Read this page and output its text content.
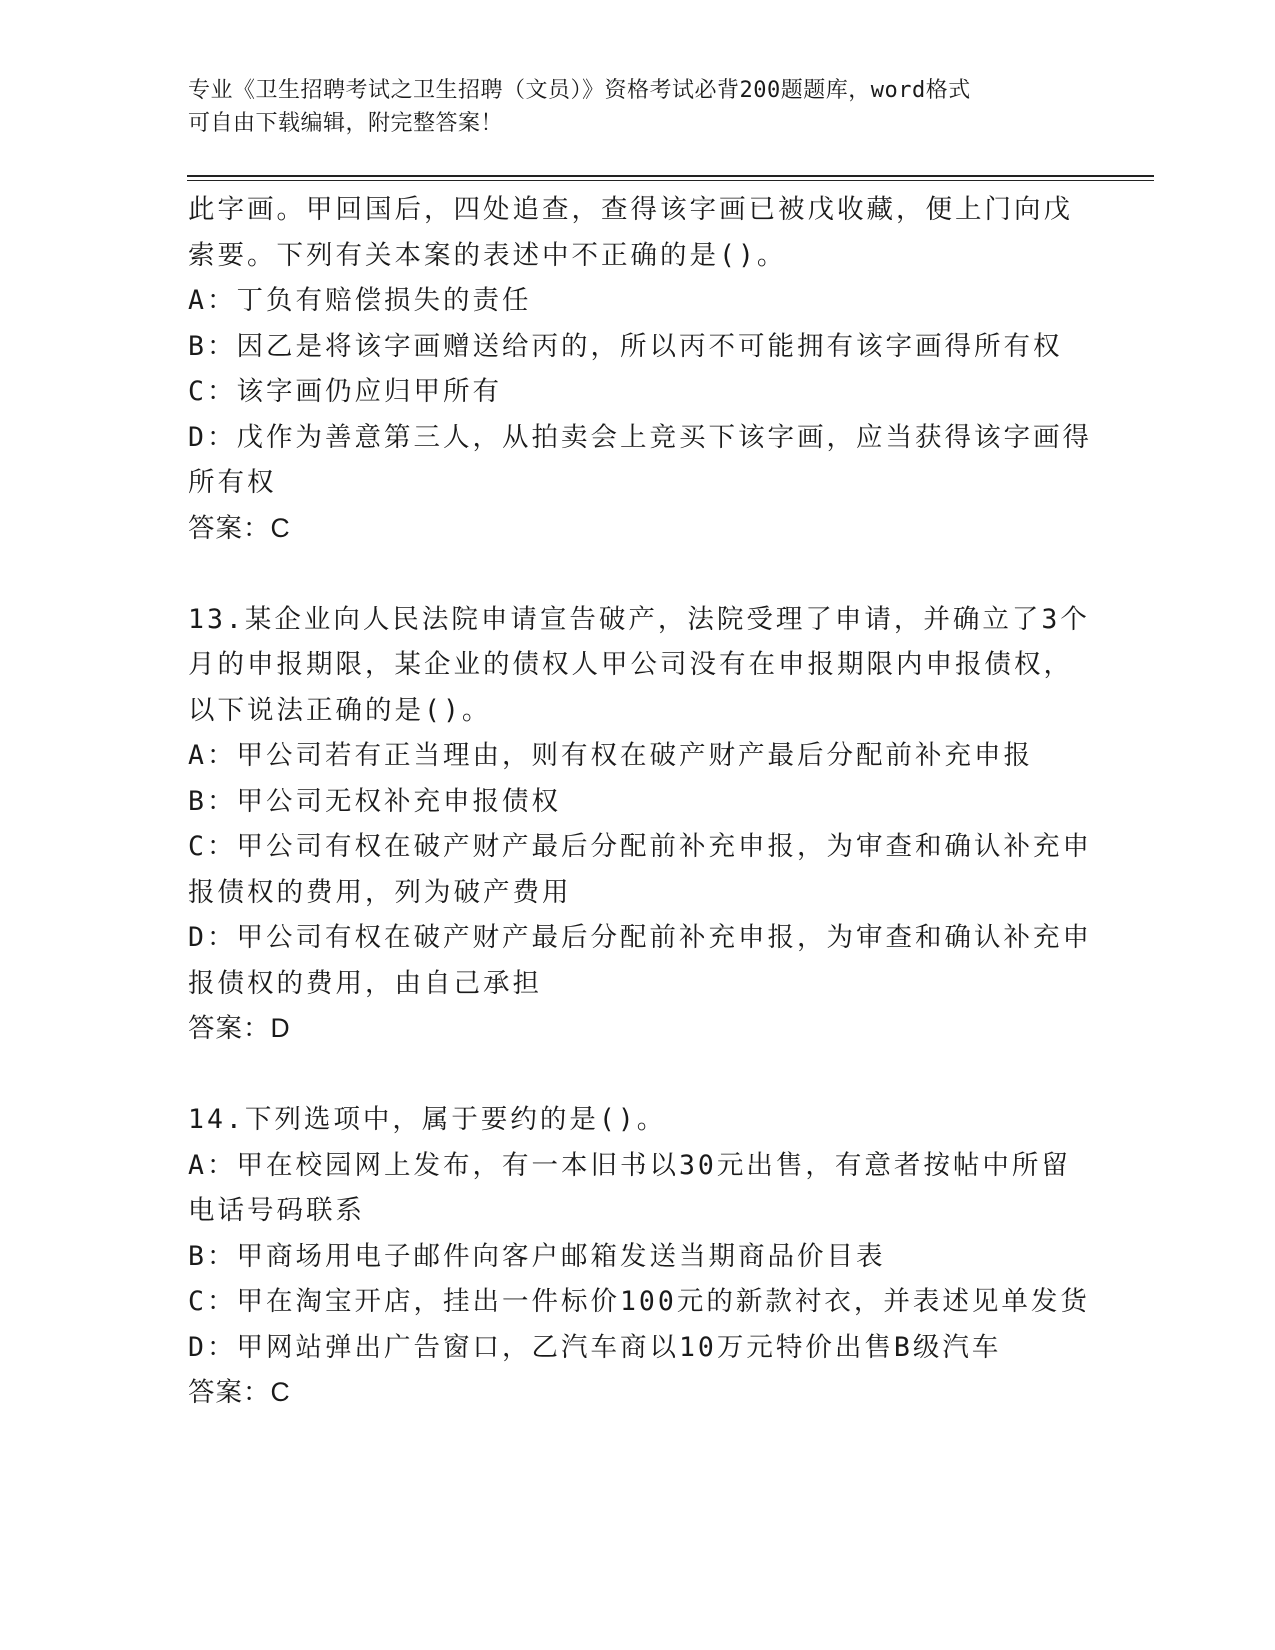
专业《卫生招聘考试之卫生招聘（文员）》资格考试必背200题题库，word格式
可自由下载编辑，附完整答案！
此字画。甲回国后，四处追查，查得该字画已被戊收藏，便上门向戊
索要。下列有关本案的表述中不正确的是()。
A：丁负有赔偿损失的责任
B：因乙是将该字画赠送给丙的，所以丙不可能拥有该字画得所有权
C：该字画仍应归甲所有
D：戊作为善意第三人，从拍卖会上竞买下该字画，应当获得该字画得
所有权
答案：C
13.某企业向人民法院申请宣告破产，法院受理了申请，并确立了3个
月的申报期限，某企业的债权人甲公司没有在申报期限内申报债权，
以下说法正确的是()。
A：甲公司若有正当理由，则有权在破产财产最后分配前补充申报
B：甲公司无权补充申报债权
C：甲公司有权在破产财产最后分配前补充申报，为审查和确认补充申
报债权的费用，列为破产费用
D：甲公司有权在破产财产最后分配前补充申报，为审查和确认补充申
报债权的费用，由自己承担
答案：D
14.下列选项中，属于要约的是()。
A：甲在校园网上发布，有一本旧书以30元出售，有意者按帖中所留
电话号码联系
B：甲商场用电子邮件向客户邮箱发送当期商品价目表
C：甲在淘宝开店，挂出一件标价100元的新款衬衣，并表述见单发货
D：甲网站弹出广告窗口，乙汽车商以10万元特价出售B级汽车
答案：C
